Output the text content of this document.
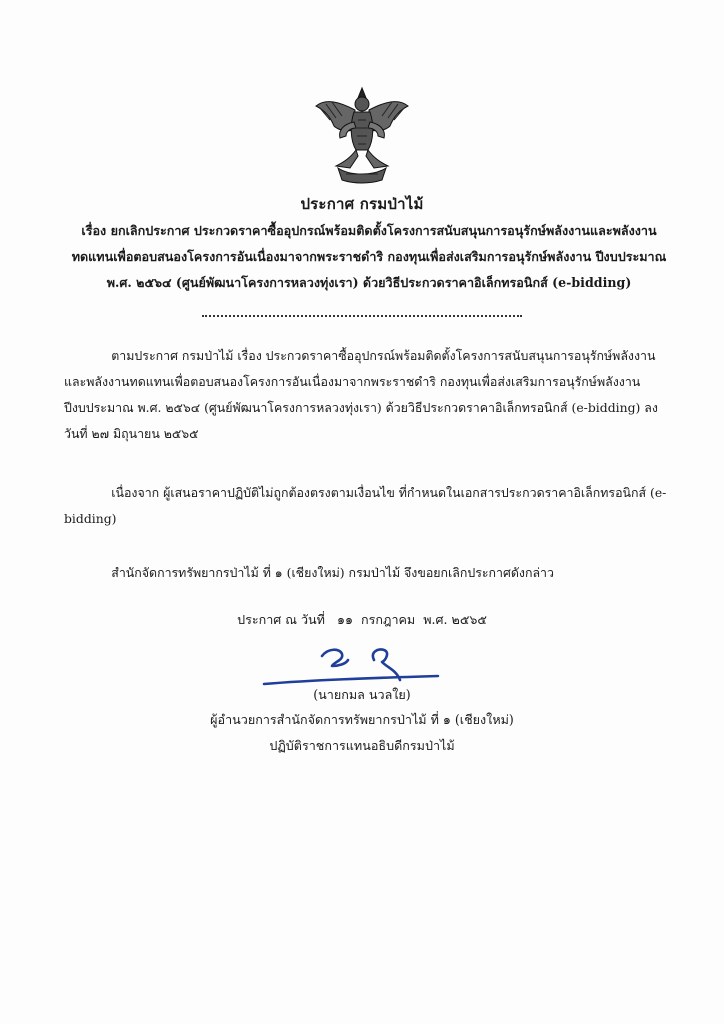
ประกาศ กรมป่าไม้
เรื่อง ยกเลิกประกาศ ประกวดราคาซื้ออุปกรณ์พร้อมติดตั้งโครงการสนับสนุนการอนุรักษ์พลังงานและพลังงาน
ทดแทนเพื่อตอบสนองโครงการอันเนื่องมาจากพระราชดำริ กองทุนเพื่อส่งเสริมการอนุรักษ์พลังงาน ปีงบประมาณ
พ.ศ. ๒๕๖๔ (ศูนย์พัฒนาโครงการหลวงทุ่งเรา) ด้วยวิธีประกวดราคาอิเล็กทรอนิกส์ (e-bidding)
ตามประกาศ กรมป่าไม้ เรื่อง ประกวดราคาซื้ออุปกรณ์พร้อมติดตั้งโครงการสนับสนุนการอนุรักษ์พลังงาน
และพลังงานทดแทนเพื่อตอบสนองโครงการอันเนื่องมาจากพระราชดำริ กองทุนเพื่อส่งเสริมการอนุรักษ์พลังงาน
ปีงบประมาณ พ.ศ. ๒๕๖๔ (ศูนย์พัฒนาโครงการหลวงทุ่งเรา) ด้วยวิธีประกวดราคาอิเล็กทรอนิกส์ (e-bidding) ลง
วันที่ ๒๗ มิถุนายน ๒๕๖๕
เนื่องจาก ผู้เสนอราคาปฏิบัติไม่ถูกต้องตรงตามเงื่อนไข ที่กำหนดในเอกสารประกวดราคาอิเล็กทรอนิกส์ (e-
bidding)
สำนักจัดการทรัพยากรป่าไม้ ที่ ๑ (เชียงใหม่) กรมป่าไม้ จึงขอยกเลิกประกาศดังกล่าว
ประกาศ ณ วันที่   ๑๑  กรกฎาคม  พ.ศ. ๒๕๖๕
(นายกมล นวลใย)
ผู้อำนวยการสำนักจัดการทรัพยากรป่าไม้ ที่ ๑ (เชียงใหม่)
ปฏิบัติราชการแทนอธิบดีกรมป่าไม้
